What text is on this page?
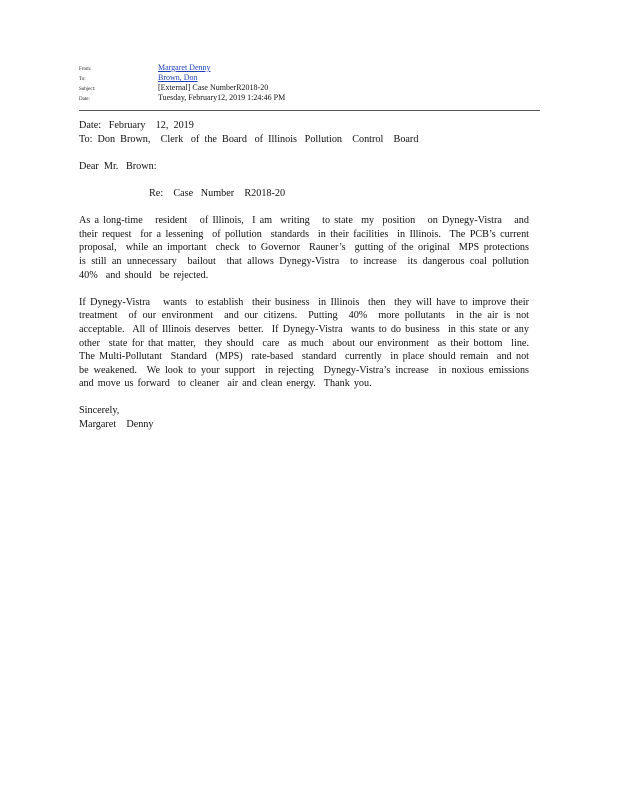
From:	Margaret Denny
To:	Brown, Don
Subject:	[External] Case NumberR2018-20
Date:	Tuesday, February12, 2019 1:24:46 PM
Date:   February    12,  2019
To:  Don  Brown,    Clerk   of  the  Board   of  Illinois   Pollution    Control    Board
Dear  Mr.   Brown:
Re:    Case   Number    R2018-20

As a long-time   resident   of Illinois,  I am  writing   to state  my  position   on Dynegy-Vistra   and their request  for a lessening  of pollution  standards  in their facilities  in Illinois.  The PCB’s current proposal,  while an important  check  to Governor  Rauner’s  gutting of the original  MPS protections  is still an unnecessary  bailout  that allows Dynegy-Vistra  to increase  its dangerous coal pollution  40%  and should  be rejected.

If Dynegy-Vistra   wants  to establish  their business  in Illinois  then  they will have to improve their treatment  of our environment  and our citizens.  Putting  40%  more pollutants  in the air is not acceptable.  All of Illinois deserves  better.  If Dynegy-Vistra  wants to do business  in this state or any other  state for that matter,  they should  care  as much  about our environment  as their bottom  line.  The Multi-Pollutant  Standard  (MPS)  rate-based  standard  currently  in place should remain  and not be weakened.  We look to your support  in rejecting  Dynegy-Vistra’s increase  in noxious emissions  and move us forward  to cleaner  air and clean energy.  Thank you.

Sincerely,
Margaret    Denny
